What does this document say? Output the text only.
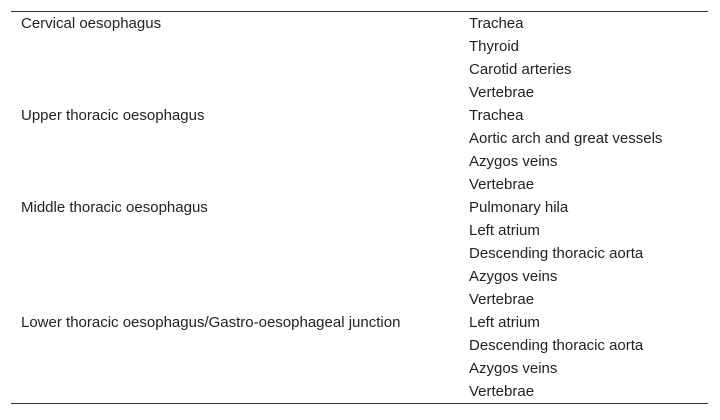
Cervical oesophagus	Trachea
	Thyroid
	Carotid arteries
	Vertebrae
Upper thoracic oesophagus	Trachea
	Aortic arch and great vessels
	Azygos veins
	Vertebrae
Middle thoracic oesophagus	Pulmonary hila
	Left atrium
	Descending thoracic aorta
	Azygos veins
	Vertebrae
Lower thoracic oesophagus/Gastro-oesophageal junction	Left atrium
	Descending thoracic aorta
	Azygos veins
	Vertebrae
